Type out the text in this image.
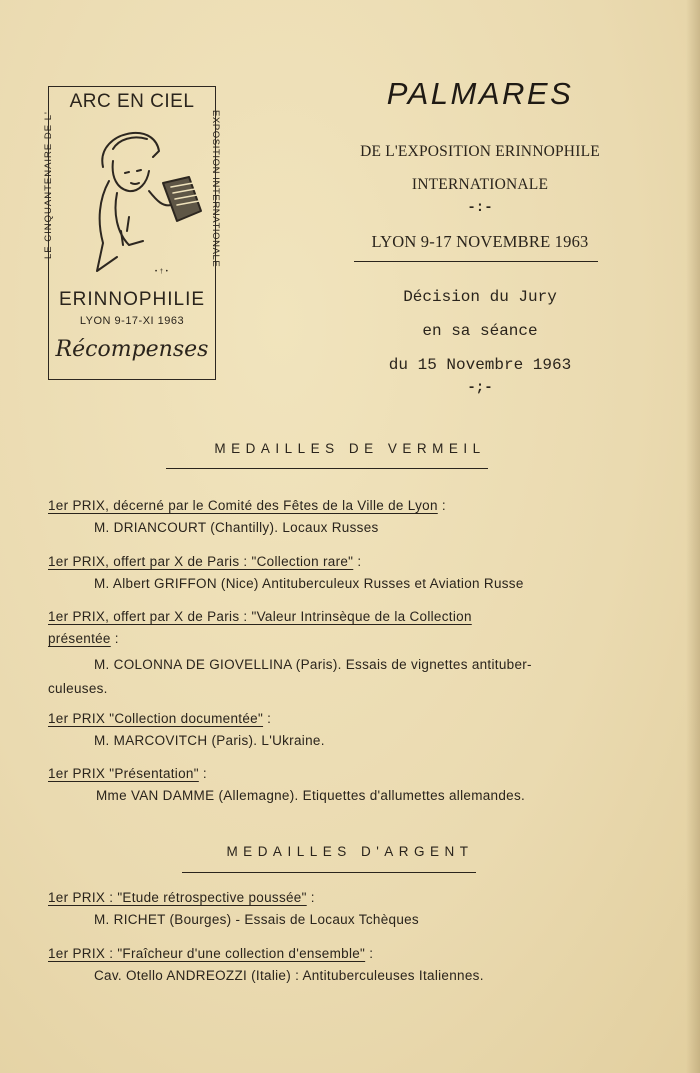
ARC EN CIEL
LE CINQUANTENAIRE DE L'	EXPOSITION INTERNATIONALE
• † •
ERINNOPHILIE
LYON 9-17-XI 1963
Récompenses
PALMARES
DE L'EXPOSITION ERINNOPHILE
INTERNATIONALE
-:-
LYON 9-17 NOVEMBRE 1963
Décision du Jury
en sa séance
du 15 Novembre 1963
-;-
MEDAILLES DE VERMEIL
1er PRIX, décerné par le Comité des Fêtes de la Ville de Lyon :
M. DRIANCOURT (Chantilly). Locaux Russes
1er PRIX, offert par X de Paris : "Collection rare" :
M. Albert GRIFFON (Nice) Antituberculeux Russes et Aviation Russe
1er PRIX, offert par X de Paris : "Valeur Intrinsèque de la Collection
présentée :
M. COLONNA DE GIOVELLINA (Paris). Essais de vignettes antituber-
culeuses.
1er PRIX "Collection documentée" :
M. MARCOVITCH (Paris). L'Ukraine.
1er PRIX "Présentation" :
Mme VAN DAMME (Allemagne). Etiquettes d'allumettes allemandes.
MEDAILLES D'ARGENT
1er PRIX : "Etude rétrospective poussée" :
M. RICHET (Bourges) - Essais de Locaux Tchèques
1er PRIX : "Fraîcheur d'une collection d'ensemble" :
Cav. Otello ANDREOZZI (Italie) : Antituberculeuses Italiennes.
